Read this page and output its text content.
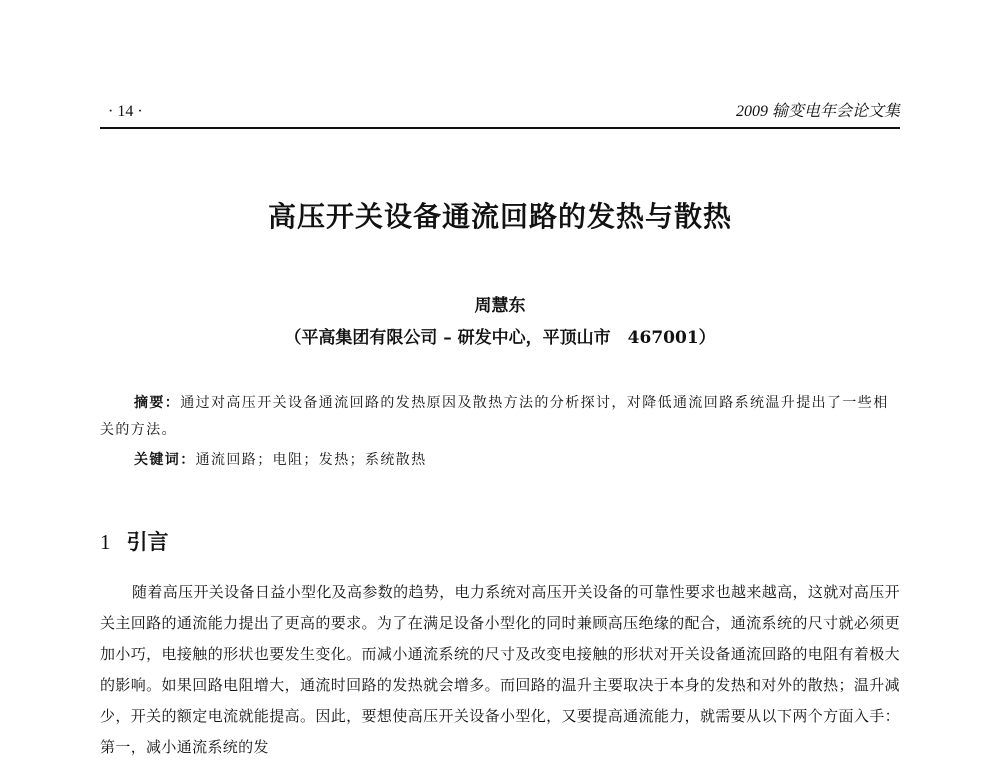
· 14 ·	2009 输变电年会论文集
高压开关设备通流回路的发热与散热
周慧东
（平高集团有限公司 – 研发中心，平顶山市　467001）

摘要：通过对高压开关设备通流回路的发热原因及散热方法的分析探讨，对降低通流回路系统温升提出了一些相关的方法。

关键词：通流回路；电阻；发热；系统散热

1 引言

随着高压开关设备日益小型化及高参数的趋势，电力系统对高压开关设备的可靠性要求也越来越高，这就对高压开关主回路的通流能力提出了更高的要求。为了在满足设备小型化的同时兼顾高压绝缘的配合，通流系统的尺寸就必须更加小巧，电接触的形状也要发生变化。而减小通流系统的尺寸及改变电接触的形状对开关设备通流回路的电阻有着极大的影响。如果回路电阻增大，通流时回路的发热就会增多。而回路的温升主要取决于本身的发热和对外的散热；温升减少，开关的额定电流就能提高。因此，要想使高压开关设备小型化，又要提高通流能力，就需要从以下两个方面入手：第一，减小通流系统的发
